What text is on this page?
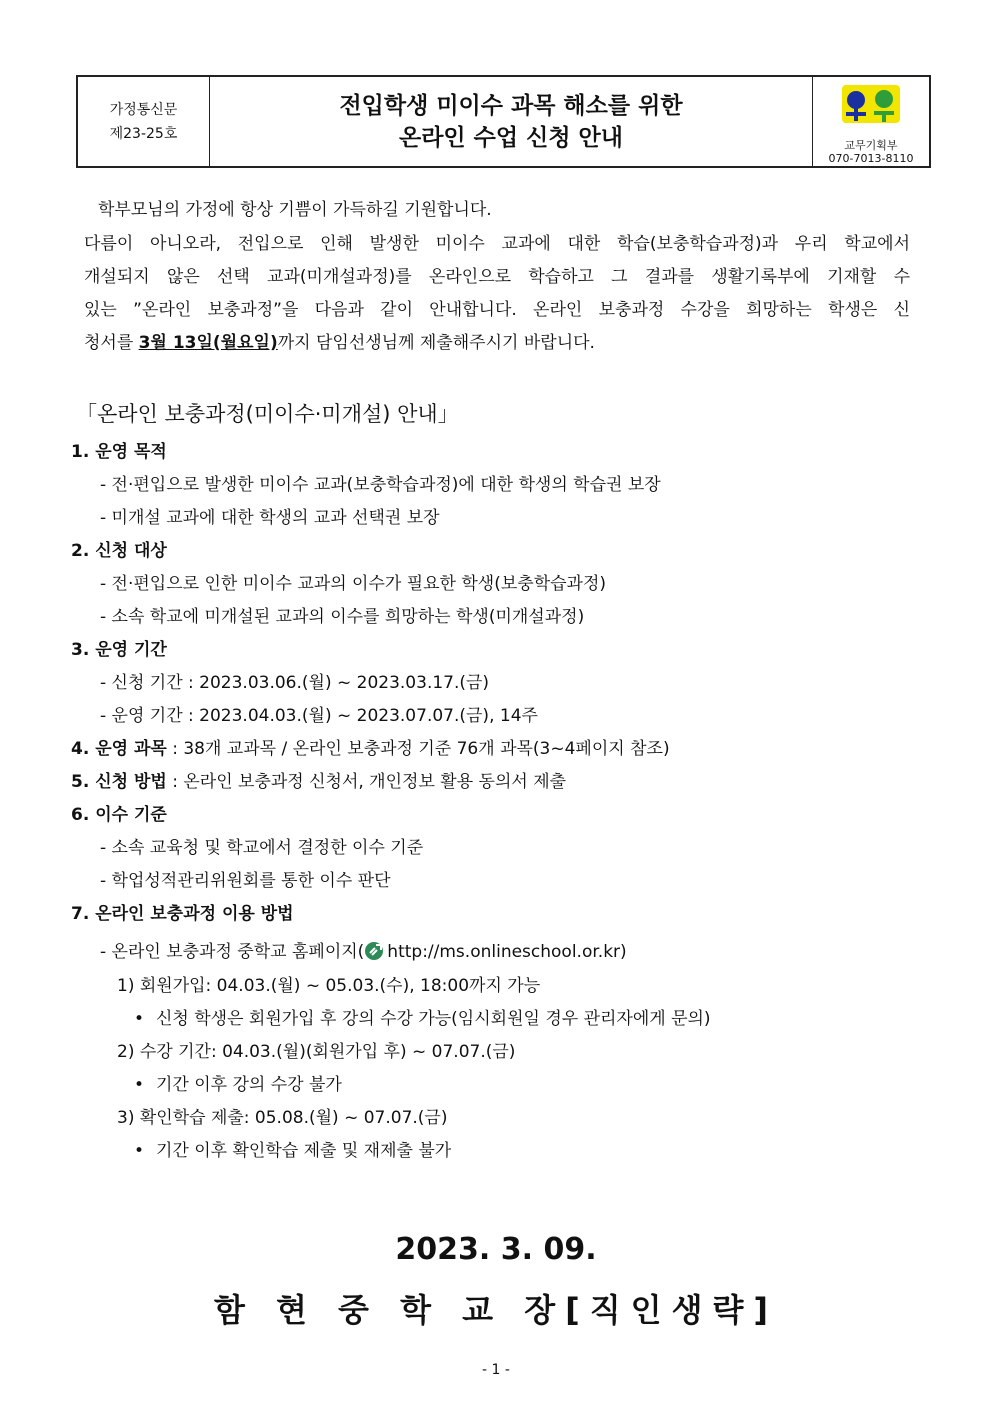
가정통신문
제23-25호
전입학생 미이수 과목 해소를 위한
온라인 수업 신청 안내	교무기획부
070-7013-8110
학부모님의 가정에 항상 기쁨이 가득하길 기원합니다.
다름이 아니오라, 전입으로 인해 발생한 미이수 교과에 대한 학습(보충학습과정)과 우리 학교에서
개설되지 않은 선택 교과(미개설과정)를 온라인으로 학습하고 그 결과를 생활기록부에 기재할 수
있는 ”온라인 보충과정”을 다음과 같이 안내합니다. 온라인 보충과정 수강을 희망하는 학생은 신
청서를 3월 13일(월요일)까지 담임선생님께 제출해주시기 바랍니다.
「온라인 보충과정(미이수·미개설) 안내」
1. 운영 목적
- 전·편입으로 발생한 미이수 교과(보충학습과정)에 대한 학생의 학습권 보장
- 미개설 교과에 대한 학생의 교과 선택권 보장
2. 신청 대상
- 전·편입으로 인한 미이수 교과의 이수가 필요한 학생(보충학습과정)
- 소속 학교에 미개설된 교과의 이수를 희망하는 학생(미개설과정)
3. 운영 기간
- 신청 기간 : 2023.03.06.(월) ~ 2023.03.17.(금)
- 운영 기간 : 2023.04.03.(월) ~ 2023.07.07.(금), 14주
4. 운영 과목 : 38개 교과목 / 온라인 보충과정 기준 76개 과목(3~4페이지 참조)
5. 신청 방법 : 온라인 보충과정 신청서, 개인정보 활용 동의서 제출
6. 이수 기준
- 소속 교육청 및 학교에서 결정한 이수 기준
- 학업성적관리위원회를 통한 이수 판단
7. 온라인 보충과정 이용 방법
- 온라인 보충과정 중학교 홈페이지( http://ms.onlineschool.or.kr)
1) 회원가입: 04.03.(월) ~ 05.03.(수), 18:00까지 가능
• 신청 학생은 회원가입 후 강의 수강 가능(임시회원일 경우 관리자에게 문의)
2) 수강 기간: 04.03.(월)(회원가입 후) ~ 07.07.(금)
• 기간 이후 강의 수강 불가
3) 확인학습 제출: 05.08.(월) ~ 07.07.(금)
• 기간 이후 확인학습 제출 및 재제출 불가
2023. 3. 09.
함 현 중 학 교 장[직인생략]
- 1 -
